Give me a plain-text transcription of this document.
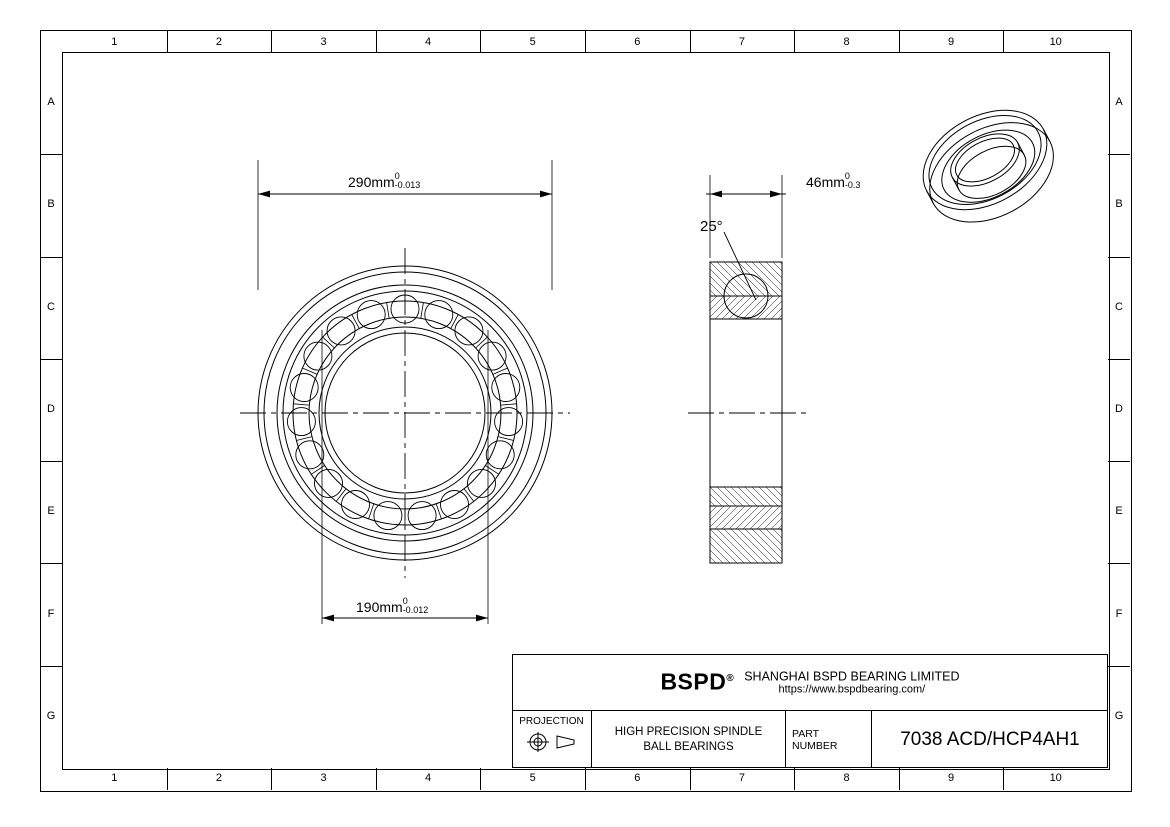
1
1
2
2
3
3
4
4
5
5
6
6
7
7
8
8
9
9
10
10
A	A
B	B
C	C
D	D
E	E
F	F
G	G
290mm 0
-0.013
190mm 0
-0.012
46mm 0
-0.3
25°
BSPD® SHANGHAI BSPD BEARING LIMITED
https://www.bspdbearing.com/
PROJECTION
HIGH PRECISION SPINDLE
BALL BEARINGS
PART
NUMBER	7038 ACD/HCP4AH1
